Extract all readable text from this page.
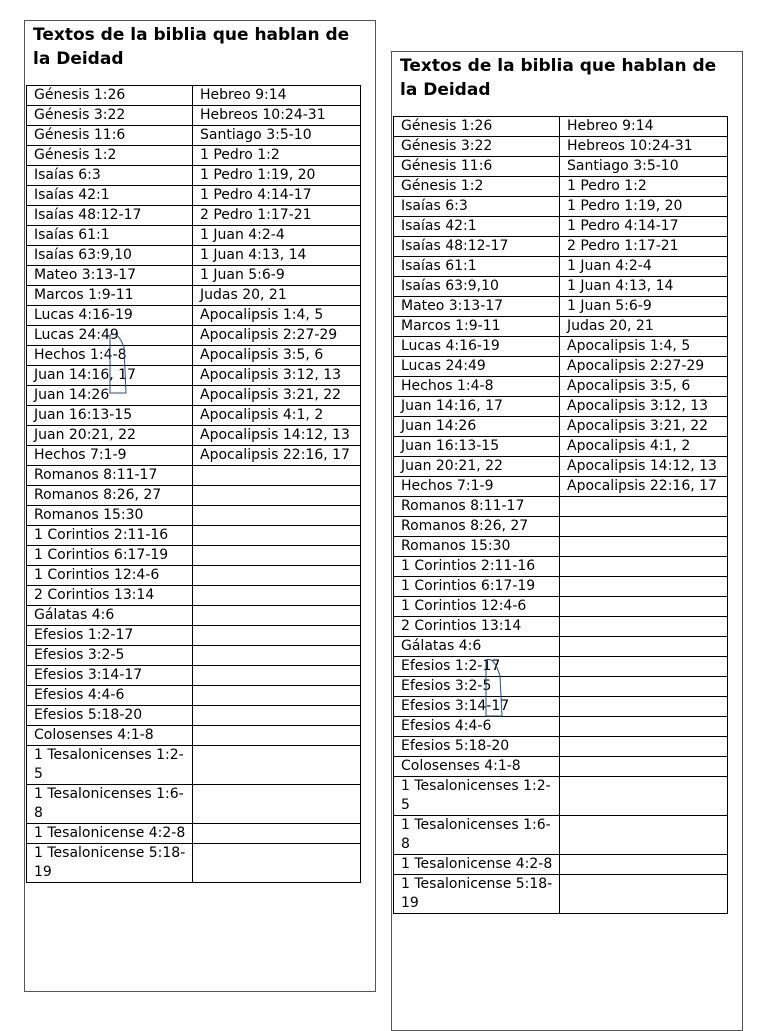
Textos de la biblia que hablan de la Deidad
Génesis 1:26	Hebreo 9:14
Génesis 3:22	Hebreos 10:24-31
Génesis 11:6	Santiago 3:5-10
Génesis 1:2	1 Pedro 1:2
Isaías 6:3	1 Pedro 1:19, 20
Isaías 42:1	1 Pedro 4:14-17
Isaías 48:12-17	2 Pedro 1:17-21
Isaías 61:1	1 Juan 4:2-4
Isaías 63:9,10	1 Juan 4:13, 14
Mateo 3:13-17	1 Juan 5:6-9
Marcos 1:9-11	Judas 20, 21
Lucas 4:16-19	Apocalipsis 1:4, 5
Lucas 24:49	Apocalipsis 2:27-29
Hechos 1:4-8	Apocalipsis 3:5, 6
Juan 14:16, 17	Apocalipsis 3:12, 13
Juan 14:26	Apocalipsis 3:21, 22
Juan 16:13-15	Apocalipsis 4:1, 2
Juan 20:21, 22	Apocalipsis 14:12, 13
Hechos 7:1-9	Apocalipsis 22:16, 17
Romanos 8:11-17	
Romanos 8:26, 27	
Romanos 15:30	
1 Corintios 2:11-16	
1 Corintios 6:17-19	
1 Corintios 12:4-6	
2 Corintios 13:14	
Gálatas 4:6	
Efesios 1:2-17	
Efesios 3:2-5	
Efesios 3:14-17	
Efesios 4:4-6	
Efesios 5:18-20	
Colosenses 4:1-8	
1 Tesalonicenses 1:2-5	
1 Tesalonicenses 1:6-8	
1 Tesalonicense 4:2-8	
1 Tesalonicense 5:18-19	
Textos de la biblia que hablan de la Deidad
Génesis 1:26	Hebreo 9:14
Génesis 3:22	Hebreos 10:24-31
Génesis 11:6	Santiago 3:5-10
Génesis 1:2	1 Pedro 1:2
Isaías 6:3	1 Pedro 1:19, 20
Isaías 42:1	1 Pedro 4:14-17
Isaías 48:12-17	2 Pedro 1:17-21
Isaías 61:1	1 Juan 4:2-4
Isaías 63:9,10	1 Juan 4:13, 14
Mateo 3:13-17	1 Juan 5:6-9
Marcos 1:9-11	Judas 20, 21
Lucas 4:16-19	Apocalipsis 1:4, 5
Lucas 24:49	Apocalipsis 2:27-29
Hechos 1:4-8	Apocalipsis 3:5, 6
Juan 14:16, 17	Apocalipsis 3:12, 13
Juan 14:26	Apocalipsis 3:21, 22
Juan 16:13-15	Apocalipsis 4:1, 2
Juan 20:21, 22	Apocalipsis 14:12, 13
Hechos 7:1-9	Apocalipsis 22:16, 17
Romanos 8:11-17	
Romanos 8:26, 27	
Romanos 15:30	
1 Corintios 2:11-16	
1 Corintios 6:17-19	
1 Corintios 12:4-6	
2 Corintios 13:14	
Gálatas 4:6	
Efesios 1:2-17	
Efesios 3:2-5	
Efesios 3:14-17	
Efesios 4:4-6	
Efesios 5:18-20	
Colosenses 4:1-8	
1 Tesalonicenses 1:2-5	
1 Tesalonicenses 1:6-8	
1 Tesalonicense 4:2-8	
1 Tesalonicense 5:18-19	
